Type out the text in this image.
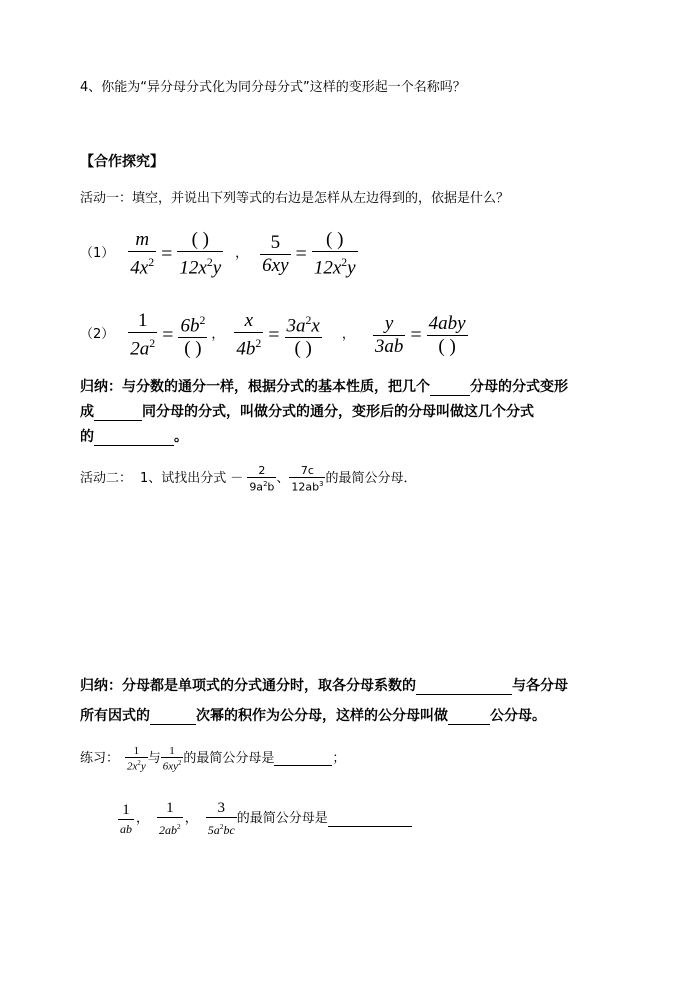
4、你能为“异分母分式化为同分母分式”这样的变形起一个名称吗？
【合作探究】
活动一：填空，并说出下列等式的右边是怎样从左边得到的，依据是什么？
$(1) \frac{m}{4x^2} = \frac{( )}{12x^2y}$ ， $\frac{5}{6xy} = \frac{( )}{12x^2y}$
$(2) \frac{1}{2a^2} = \frac{6b^2}{( )}$ ， $\frac{x}{4b^2} = \frac{3a^2x}{( )}$ ， $\frac{y}{3ab} = \frac{\text{4aby}}{( )}$
归纳：与分数的通分一样，根据分式的基本性质，把几个	分母的分式变形
成	同分母的分式，叫做分式的通分，变形后的分母叫做这几个分式
的	。
活动二： 1、试找出分式 － $\frac{2}{9a^2b}$ 、 $\frac{7c}{12ab^3}$ 的最简公分母．
归纳：分母都是单项式的分式通分时，取各分母系数的	与各分母
所有因式的	次幂的积作为公分母，这样的公分母叫做	公分母。
练习： $\frac{1}{2x^2y}$ 与 $\frac{1}{6xy^2}$ 的最简公分母是	；
$\frac{1}{ab}$ ， $\frac{1}{2ab^2}$ ， $\frac{3}{5a^2bc}$ 的最简公分母是
